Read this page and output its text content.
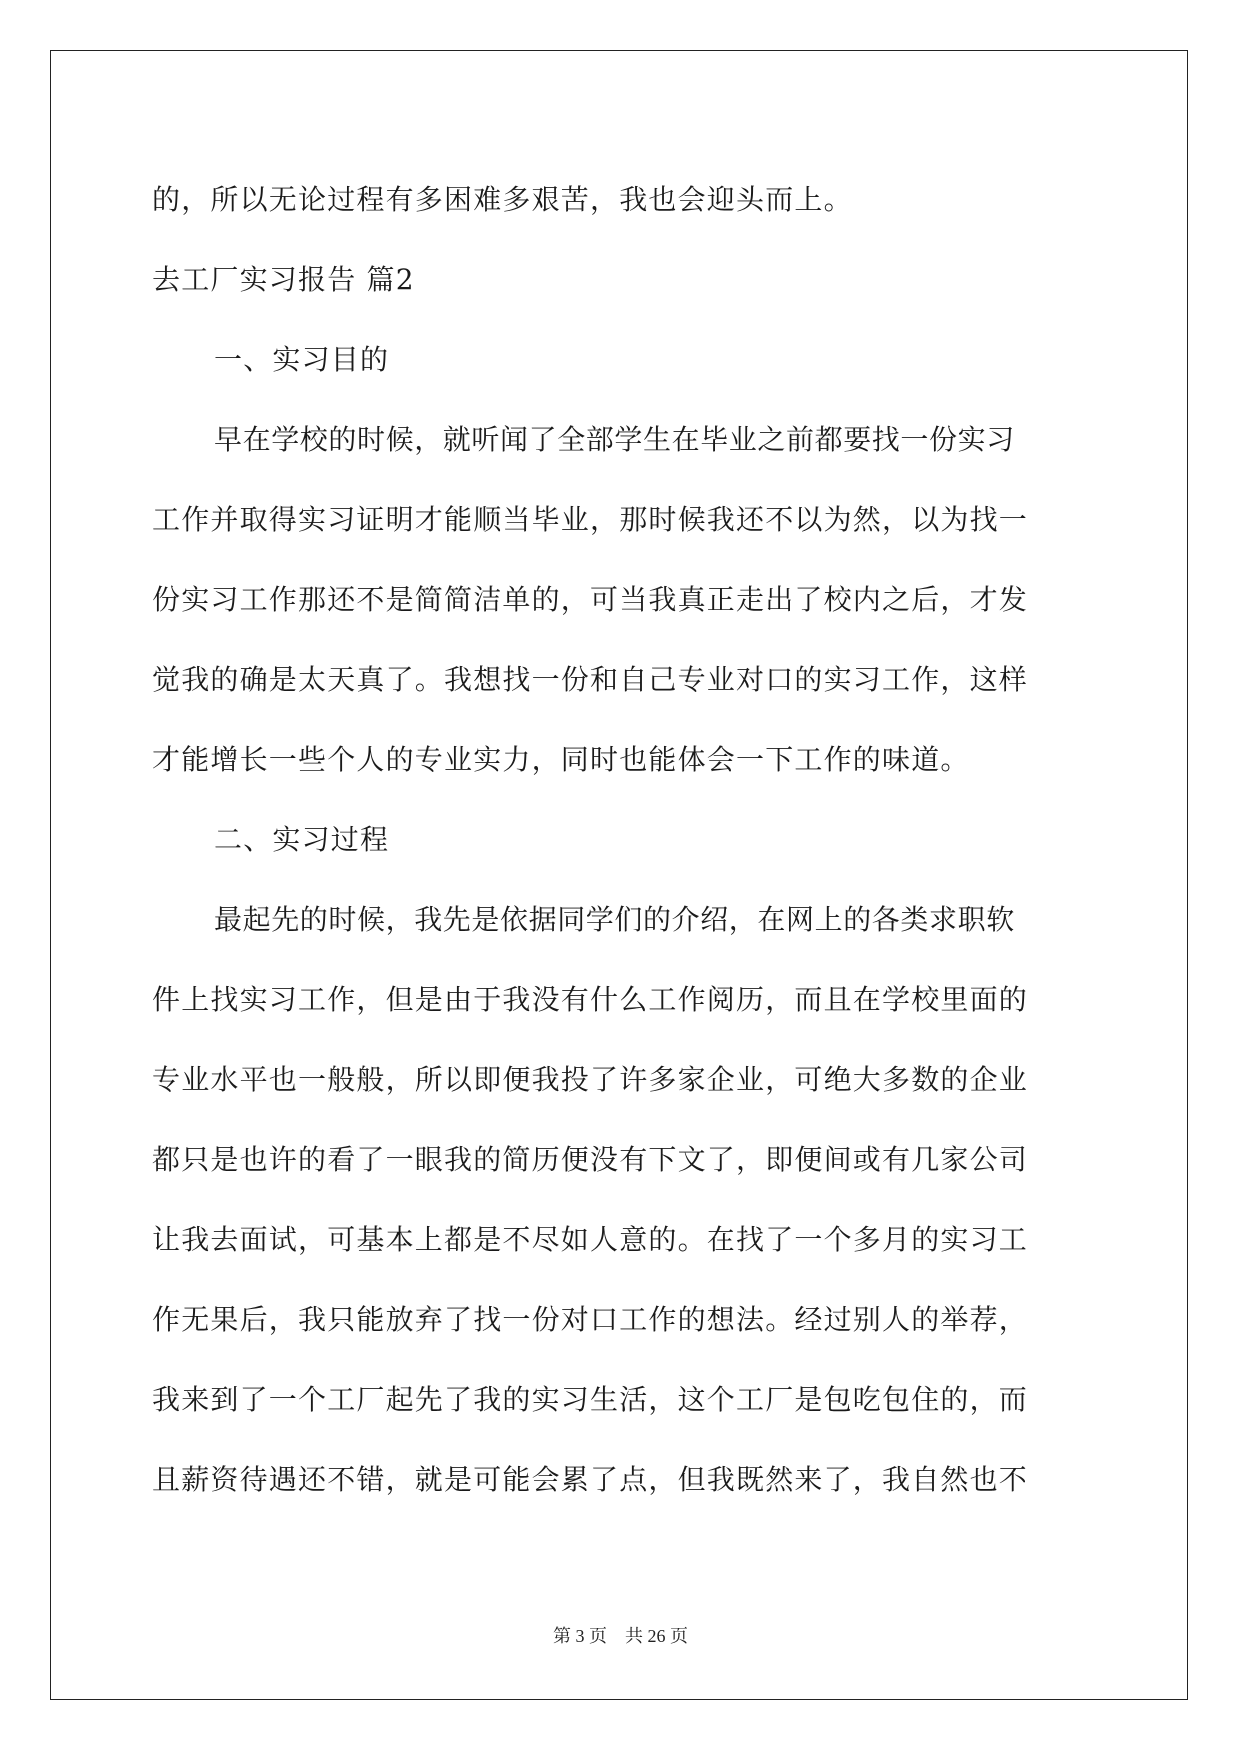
的，所以无论过程有多困难多艰苦，我也会迎头而上。
去工厂实习报告 篇2
一、实习目的
早在学校的时候，就听闻了全部学生在毕业之前都要找一份实习
工作并取得实习证明才能顺当毕业，那时候我还不以为然，以为找一
份实习工作那还不是简简洁单的，可当我真正走出了校内之后，才发
觉我的确是太天真了。我想找一份和自己专业对口的实习工作，这样
才能增长一些个人的专业实力，同时也能体会一下工作的味道。
二、实习过程
最起先的时候，我先是依据同学们的介绍，在网上的各类求职软
件上找实习工作，但是由于我没有什么工作阅历，而且在学校里面的
专业水平也一般般，所以即便我投了许多家企业，可绝大多数的企业
都只是也许的看了一眼我的简历便没有下文了，即便间或有几家公司
让我去面试，可基本上都是不尽如人意的。在找了一个多月的实习工
作无果后，我只能放弃了找一份对口工作的想法。经过别人的举荐，
我来到了一个工厂起先了我的实习生活，这个工厂是包吃包住的，而
且薪资待遇还不错，就是可能会累了点，但我既然来了，我自然也不
第 3 页 共 26 页
